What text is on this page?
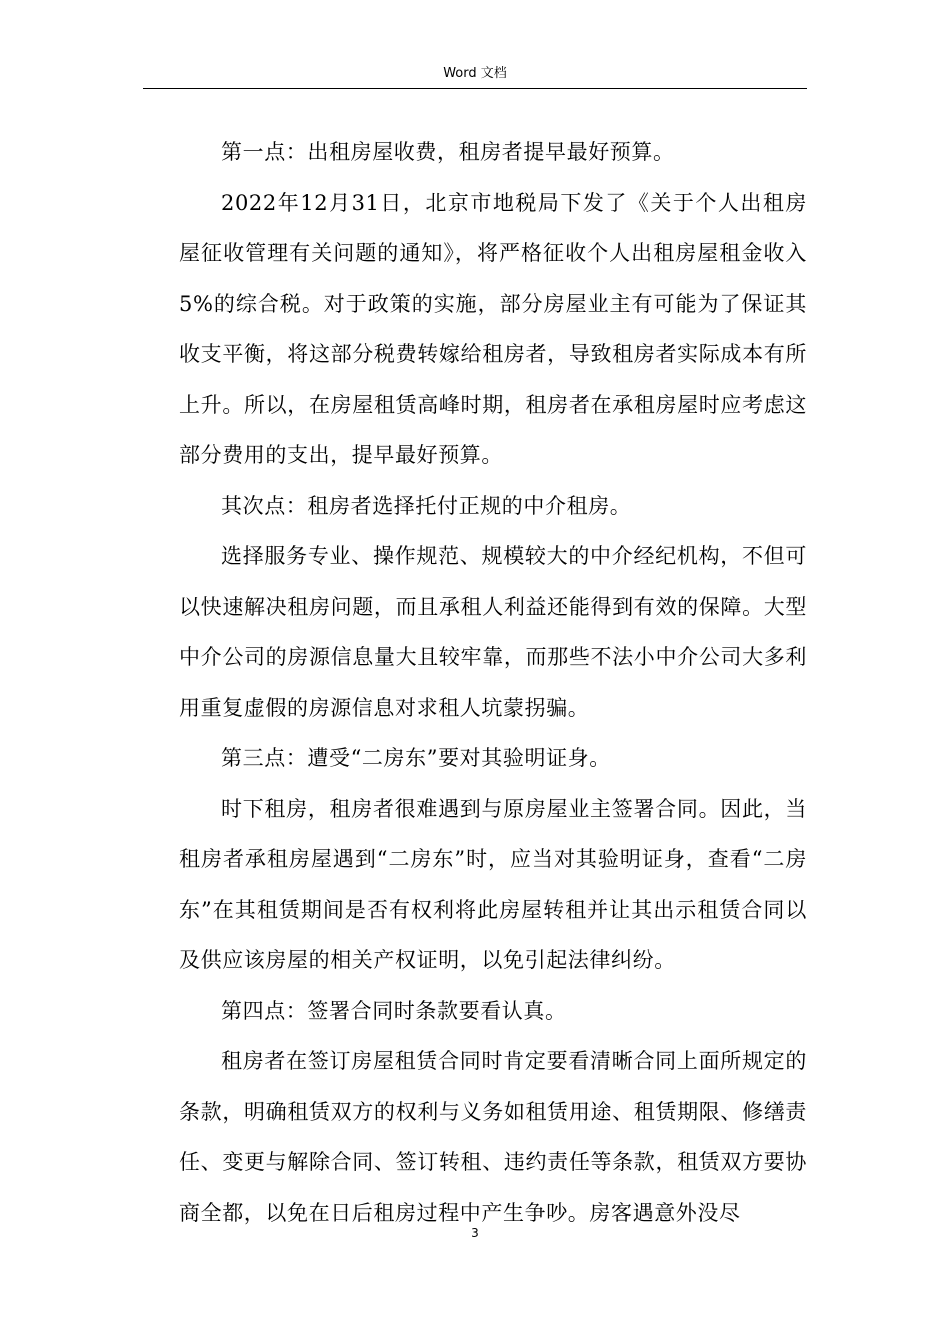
Word 文档

第一点：出租房屋收费，租房者提早最好预算。

2022年12月31日，北京市地税局下发了《关于个人出租房屋征收管理有关问题的通知》，将严格征收个人出租房屋租金收入5%的综合税。对于政策的实施，部分房屋业主有可能为了保证其收支平衡，将这部分税费转嫁给租房者，导致租房者实际成本有所上升。所以，在房屋租赁高峰时期，租房者在承租房屋时应考虑这部分费用的支出，提早最好预算。

其次点：租房者选择托付正规的中介租房。

选择服务专业、操作规范、规模较大的中介经纪机构，不但可以快速解决租房问题，而且承租人利益还能得到有效的保障。大型中介公司的房源信息量大且较牢靠，而那些不法小中介公司大多利用重复虚假的房源信息对求租人坑蒙拐骗。

第三点：遭受“二房东”要对其验明证身。

时下租房，租房者很难遇到与原房屋业主签署合同。因此，当租房者承租房屋遇到“二房东”时，应当对其验明证身，查看“二房东”在其租赁期间是否有权利将此房屋转租并让其出示租赁合同以及供应该房屋的相关产权证明，以免引起法律纠纷。

第四点：签署合同时条款要看认真。

租房者在签订房屋租赁合同时肯定要看清晰合同上面所规定的条款，明确租赁双方的权利与义务如租赁用途、租赁期限、修缮责任、变更与解除合同、签订转租、违约责任等条款，租赁双方要协商全都，以免在日后租房过程中产生争吵。房客遇意外没尽

3
